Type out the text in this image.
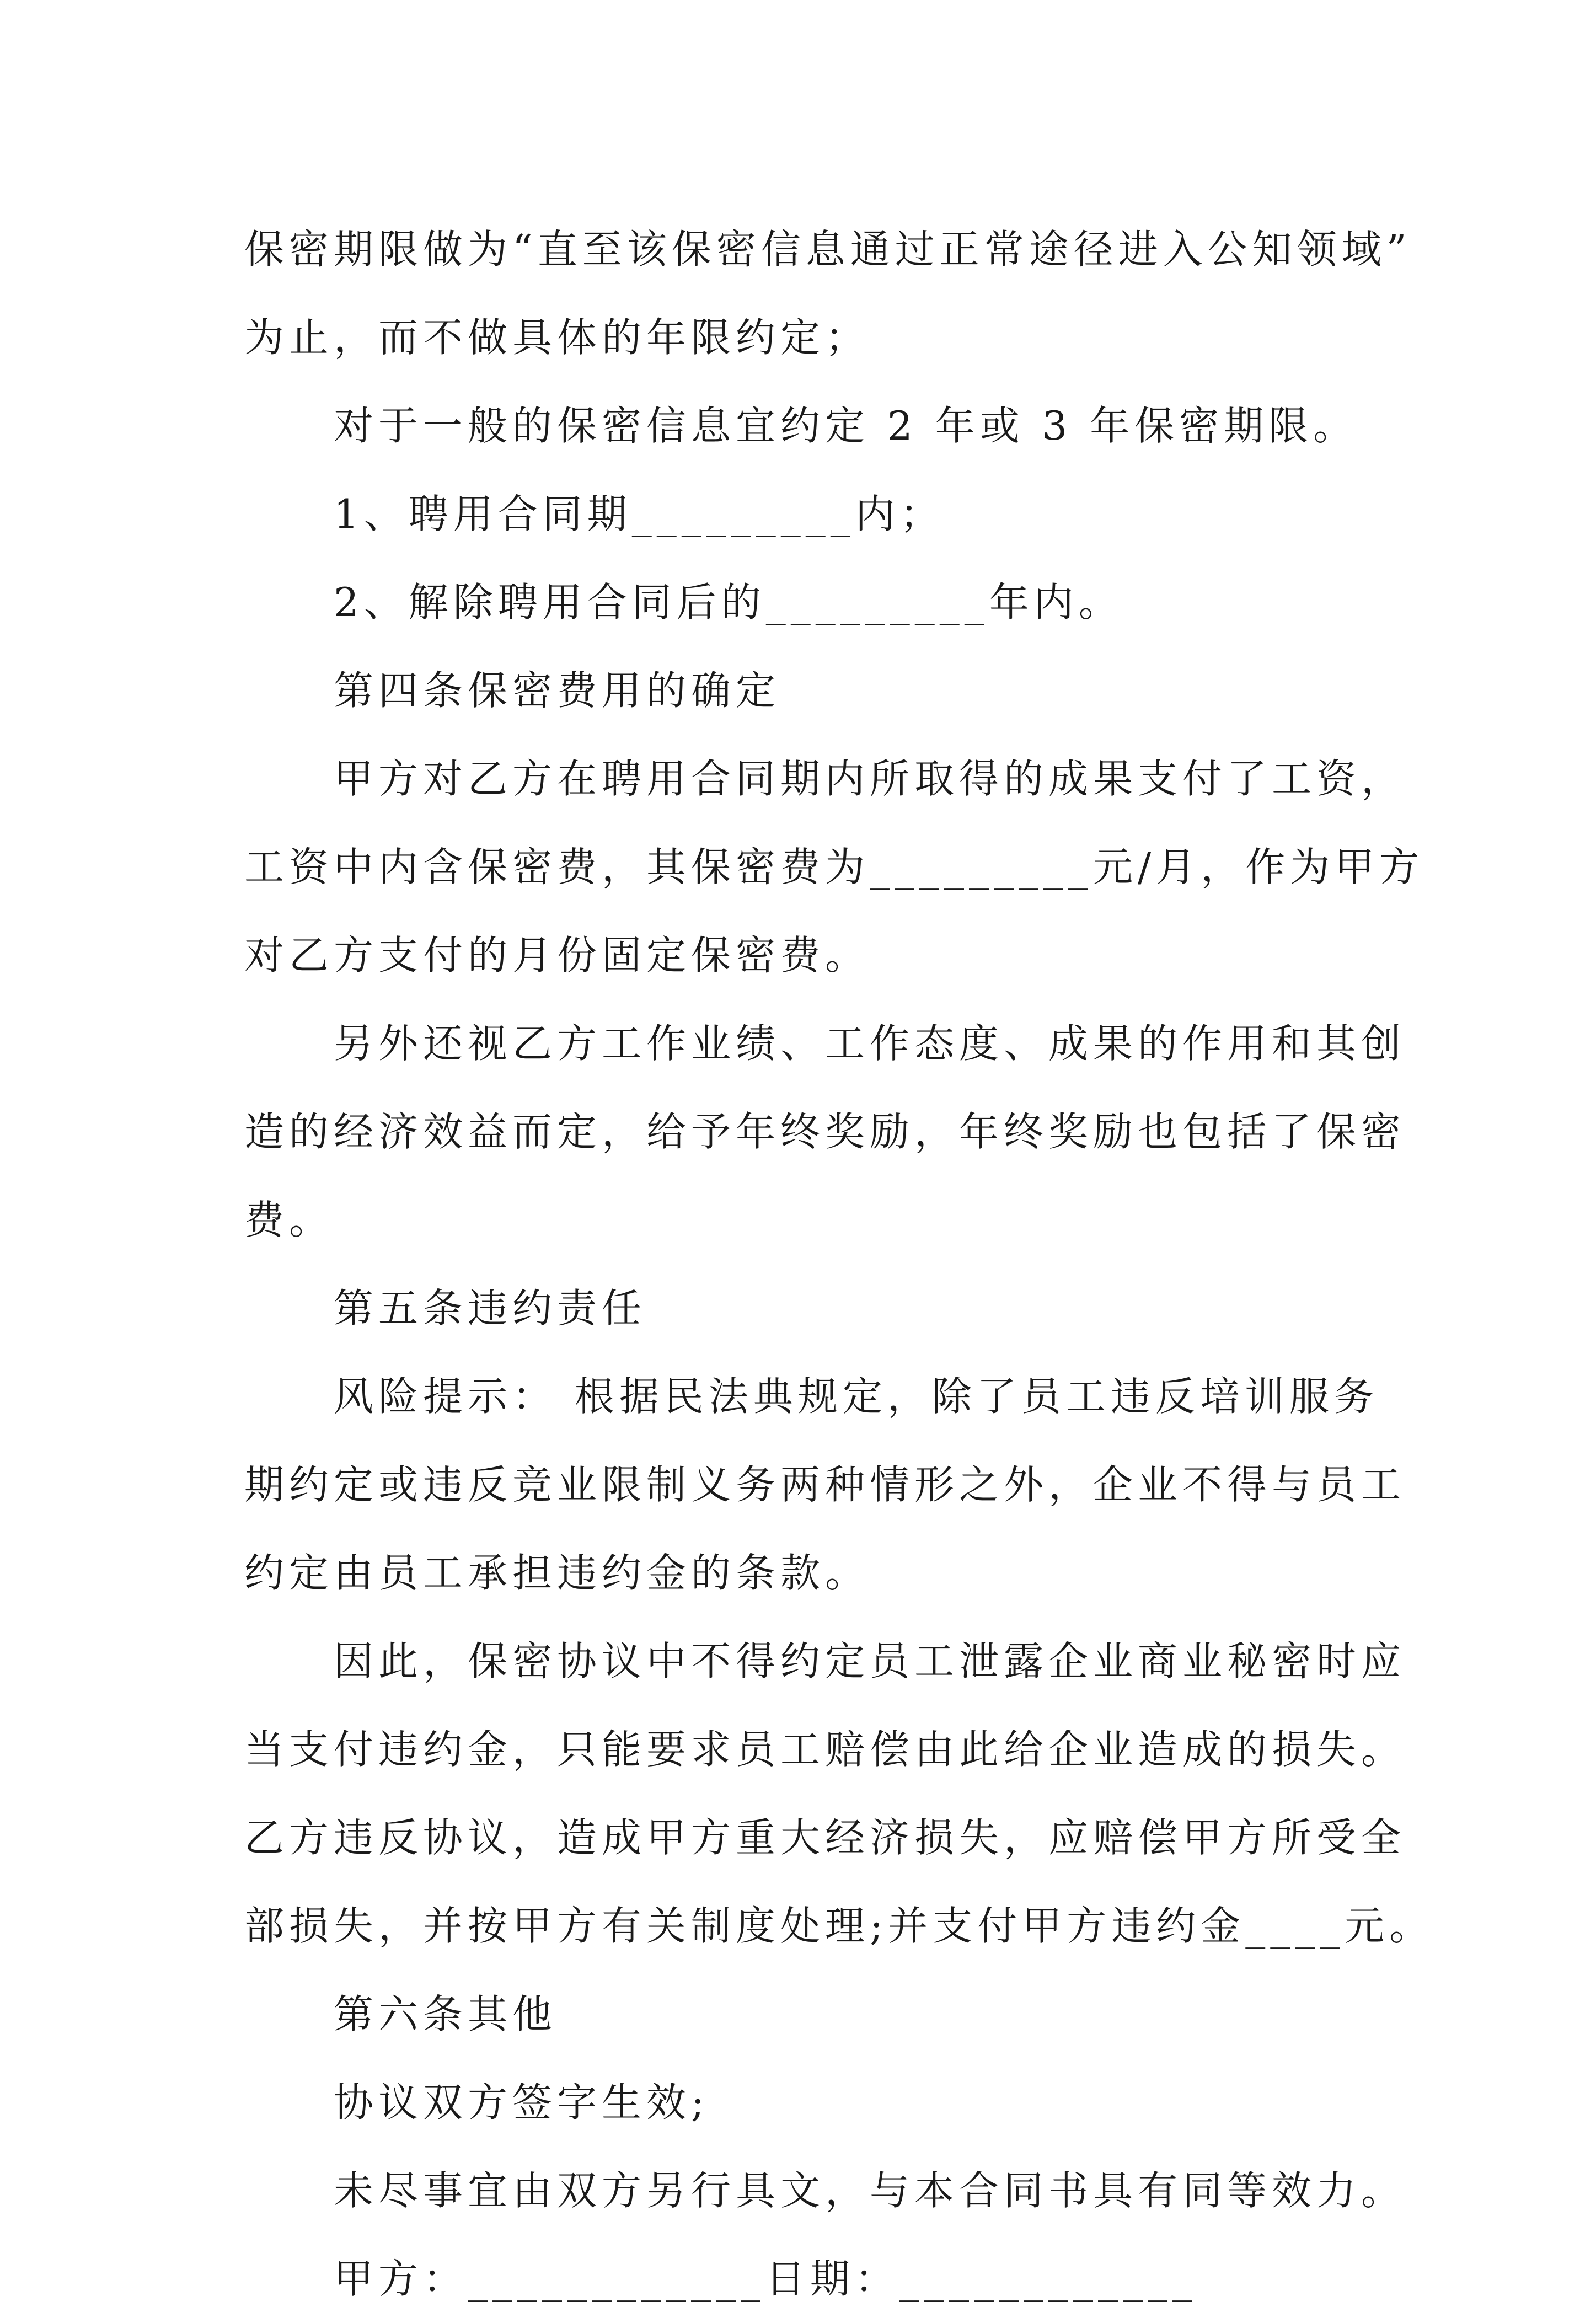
保密期限做为“直至该保密信息通过正常途径进入公知领域”
为止，而不做具体的年限约定；
对于一般的保密信息宜约定 2 年或 3 年保密期限。
1、聘用合同期_________内；
2、解除聘用合同后的_________年内。
第四条保密费用的确定
甲方对乙方在聘用合同期内所取得的成果支付了工资，
工资中内含保密费，其保密费为_________元/月，作为甲方
对乙方支付的月份固定保密费。
另外还视乙方工作业绩、工作态度、成果的作用和其创
造的经济效益而定，给予年终奖励，年终奖励也包括了保密
费。
第五条违约责任
风险提示： 根据民法典规定，除了员工违反培训服务
期约定或违反竞业限制义务两种情形之外，企业不得与员工
约定由员工承担违约金的条款。
因此，保密协议中不得约定员工泄露企业商业秘密时应
当支付违约金，只能要求员工赔偿由此给企业造成的损失。
乙方违反协议，造成甲方重大经济损失，应赔偿甲方所受全
部损失，并按甲方有关制度处理;并支付甲方违约金____元。
第六条其他
协议双方签字生效;
未尽事宜由双方另行具文，与本合同书具有同等效力。
甲方：____________日期：____________
